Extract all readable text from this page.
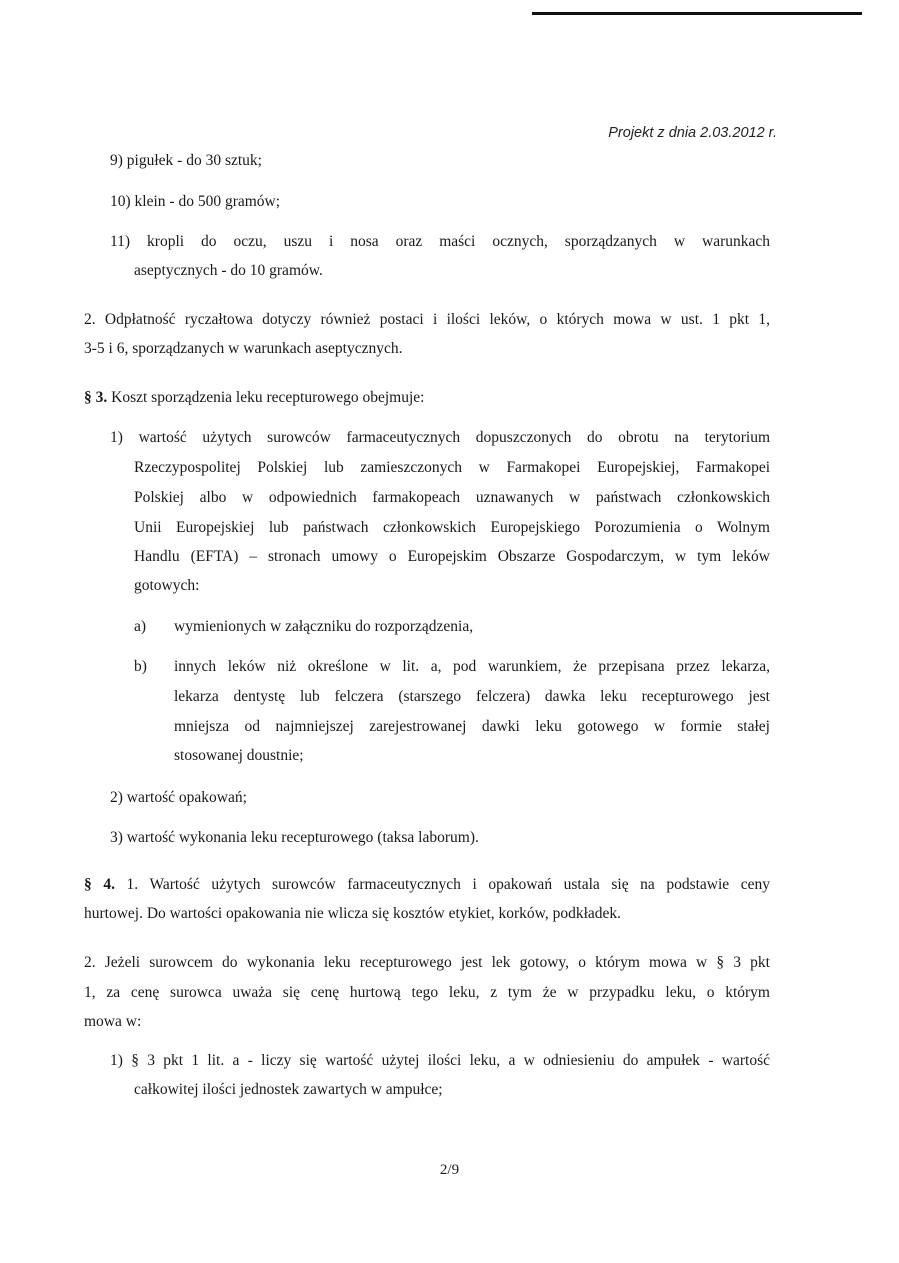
Projekt z dnia 2.03.2012 r.
9) pigułek - do 30 sztuk;
10) klein - do 500 gramów;
11) kropli do oczu, uszu i nosa oraz maści ocznych, sporządzanych w warunkach
aseptycznych - do 10 gramów.
2. Odpłatność ryczałtowa dotyczy również postaci i ilości leków, o których mowa w ust. 1 pkt 1,
3-5 i 6, sporządzanych w warunkach aseptycznych.
§ 3. Koszt sporządzenia leku recepturowego obejmuje:
1) wartość użytych surowców farmaceutycznych dopuszczonych do obrotu na terytorium
Rzeczypospolitej Polskiej lub zamieszczonych w Farmakopei Europejskiej, Farmakopei
Polskiej albo w odpowiednich farmakopeach uznawanych w państwach członkowskich
Unii Europejskiej lub państwach członkowskich Europejskiego Porozumienia o Wolnym
Handlu (EFTA) – stronach umowy o Europejskim Obszarze Gospodarczym, w tym leków
gotowych:
a) wymienionych w załączniku do rozporządzenia,
b) innych leków niż określone w lit. a, pod warunkiem, że przepisana przez lekarza,
lekarza dentystę lub felczera (starszego felczera) dawka leku recepturowego jest
mniejsza od najmniejszej zarejestrowanej dawki leku gotowego w formie stałej
stosowanej doustnie;
2) wartość opakowań;
3) wartość wykonania leku recepturowego (taksa laborum).
§ 4. 1. Wartość użytych surowców farmaceutycznych i opakowań ustala się na podstawie ceny
hurtowej. Do wartości opakowania nie wlicza się kosztów etykiet, korków, podkładek.
2. Jeżeli surowcem do wykonania leku recepturowego jest lek gotowy, o którym mowa w § 3 pkt
1, za cenę surowca uważa się cenę hurtową tego leku, z tym że w przypadku leku, o którym
mowa w:
1) § 3 pkt 1 lit. a - liczy się wartość użytej ilości leku, a w odniesieniu do ampułek - wartość
całkowitej ilości jednostek zawartych w ampułce;
2/9
